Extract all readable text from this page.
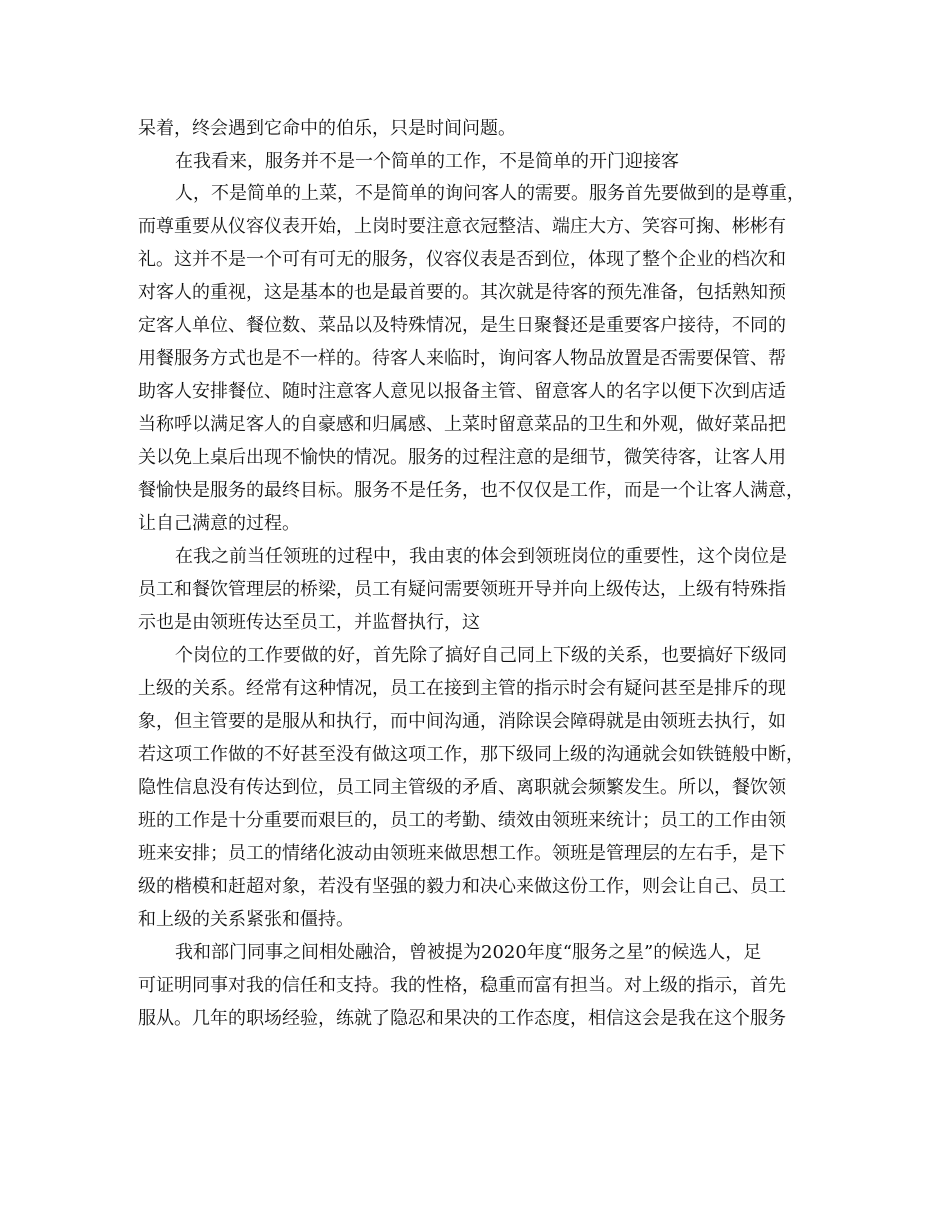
呆着，终会遇到它命中的伯乐，只是时间问题。
在我看来，服务并不是一个简单的工作，不是简单的开门迎接客
人，不是简单的上菜，不是简单的询问客人的需要。服务首先要做到的是尊重，
而尊重要从仪容仪表开始，上岗时要注意衣冠整洁、端庄大方、笑容可掬、彬彬有
礼。这并不是一个可有可无的服务，仪容仪表是否到位，体现了整个企业的档次和
对客人的重视，这是基本的也是最首要的。其次就是待客的预先准备，包括熟知预
定客人单位、餐位数、菜品以及特殊情况，是生日聚餐还是重要客户接待，不同的
用餐服务方式也是不一样的。待客人来临时，询问客人物品放置是否需要保管、帮
助客人安排餐位、随时注意客人意见以报备主管、留意客人的名字以便下次到店适
当称呼以满足客人的自豪感和归属感、上菜时留意菜品的卫生和外观，做好菜品把
关以免上桌后出现不愉快的情况。服务的过程注意的是细节，微笑待客，让客人用
餐愉快是服务的最终目标。服务不是任务，也不仅仅是工作，而是一个让客人满意，
让自己满意的过程。
在我之前当任领班的过程中，我由衷的体会到领班岗位的重要性，这个岗位是
员工和餐饮管理层的桥梁，员工有疑问需要领班开导并向上级传达，上级有特殊指
示也是由领班传达至员工，并监督执行，这
个岗位的工作要做的好，首先除了搞好自己同上下级的关系，也要搞好下级同
上级的关系。经常有这种情况，员工在接到主管的指示时会有疑问甚至是排斥的现
象，但主管要的是服从和执行，而中间沟通，消除误会障碍就是由领班去执行，如
若这项工作做的不好甚至没有做这项工作，那下级同上级的沟通就会如铁链般中断，
隐性信息没有传达到位，员工同主管级的矛盾、离职就会频繁发生。所以，餐饮领
班的工作是十分重要而艰巨的，员工的考勤、绩效由领班来统计；员工的工作由领
班来安排；员工的情绪化波动由领班来做思想工作。领班是管理层的左右手，是下
级的楷模和赶超对象，若没有坚强的毅力和决心来做这份工作，则会让自己、员工
和上级的关系紧张和僵持。
我和部门同事之间相处融洽，曾被提为2020年度“服务之星”的候选人，足
可证明同事对我的信任和支持。我的性格，稳重而富有担当。对上级的指示，首先
服从。几年的职场经验，练就了隐忍和果决的工作态度，相信这会是我在这个服务
